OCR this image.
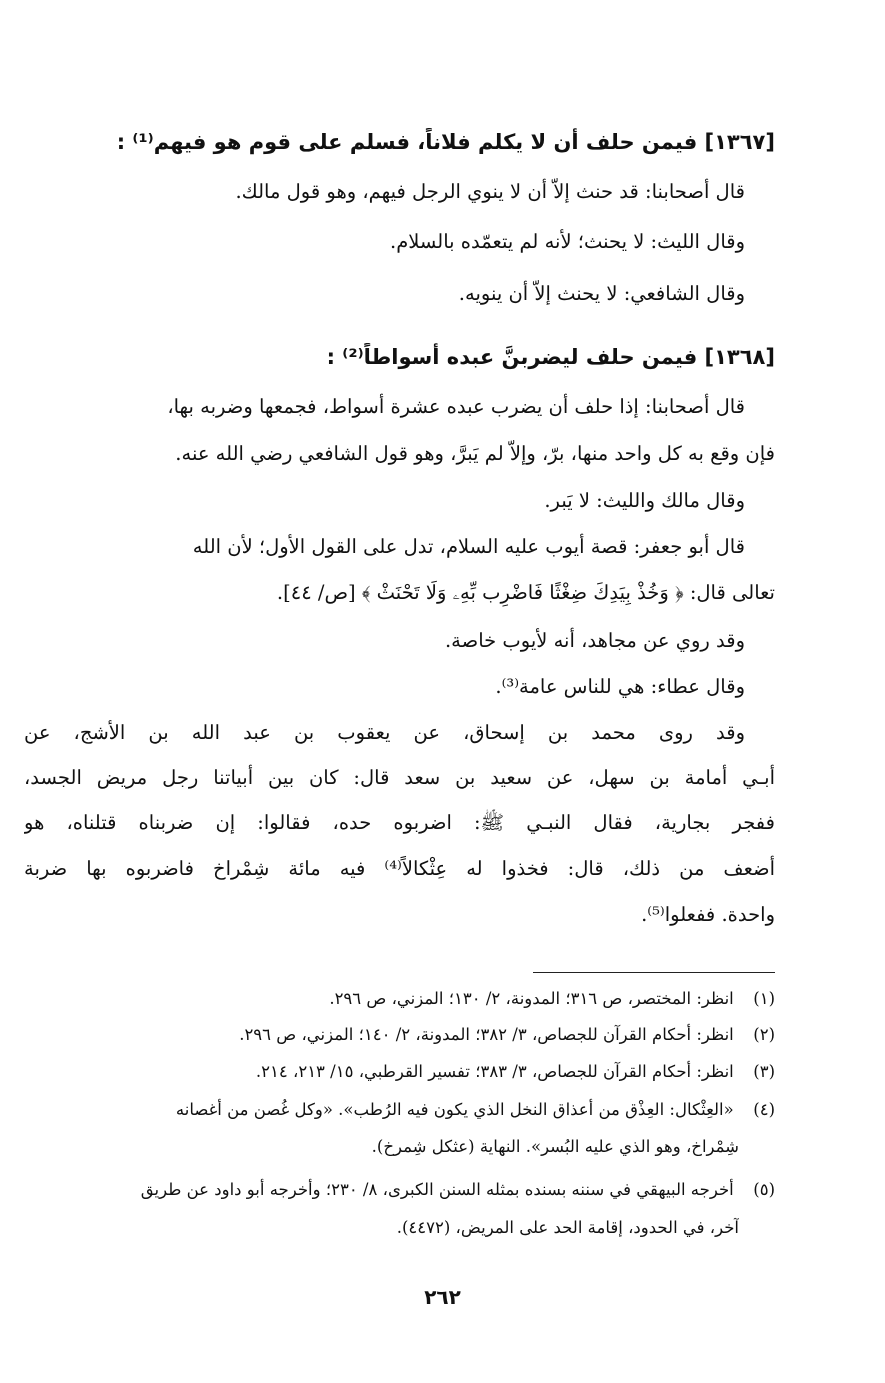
[١٣٦٧] فيمن حلف أن لا يكلم فلاناً، فسلم على قوم هو فيهم⁽¹⁾ :
قال أصحابنا: قد حنث إلاَّ أن لا ينوي الرجل فيهم، وهو قول مالك.
وقال الليث: لا يحنث؛ لأنه لم يتعمّده بالسلام.
وقال الشافعي: لا يحنث إلاَّ أن ينويه.
[١٣٦٨] فيمن حلف ليضربنَّ عبده أسواطاً⁽²⁾ :
قال أصحابنا: إذا حلف أن يضرب عبده عشرة أسواط، فجمعها وضربه بها،
فإن وقع به كل واحد منها، برّ، وإلاَّ لم يَبرَّ، وهو قول الشافعي رضي الله عنه.
وقال مالك والليث: لا يَبر.
قال أبو جعفر: قصة أيوب عليه السلام، تدل على القول الأول؛ لأن الله
تعالى قال: ﴿ وَخُذْ بِيَدِكَ ضِغْثًا فَاضْرِب بِّهِۦ وَلَا تَحْنَثْ ﴾ [ص/ ٤٤].
وقد روي عن مجاهد، أنه لأيوب خاصة.
وقال عطاء: هي للناس عامة⁽³⁾.
وقد روى محمد بن إسحاق، عن يعقوب بن عبد الله بن الأشج، عن
أبـي أمامة بن سهل، عن سعيد بن سعد قال: كان بين أبياتنا رجل مريض الجسد،
ففجر بجارية، فقال النبـي ﷺ: اضربوه حده، فقالوا: إن ضربناه قتلناه، هو
أضعف من ذلك، قال: فخذوا له عِثْكالاً⁽⁴⁾ فيه مائة شِمْراخ فاضربوه بها ضربة
واحدة. ففعلوا⁽⁵⁾.
(١) انظر: المختصر، ص ٣١٦؛ المدونة، ٢/ ١٣٠؛ المزني، ص ٢٩٦.
(٢) انظر: أحكام القرآن للجصاص، ٣/ ٣٨٢؛ المدونة، ٢/ ١٤٠؛ المزني، ص ٢٩٦.
(٣) انظر: أحكام القرآن للجصاص، ٣/ ٣٨٣؛ تفسير القرطبي، ١٥/ ٢١٣، ٢١٤.
(٤) «العِثْكال: العِذْق من أعذاق النخل الذي يكون فيه الرُطب». «وكل غُصن من أغصانه
شِمْراخ، وهو الذي عليه البُسر». النهاية (عثكل شِمرخ).
(٥) أخرجه البيهقي في سننه بسنده بمثله السنن الكبرى، ٨/ ٢٣٠؛ وأخرجه أبو داود عن طريق
آخر، في الحدود، إقامة الحد على المريض، (٤٤٧٢).
٢٦٢
